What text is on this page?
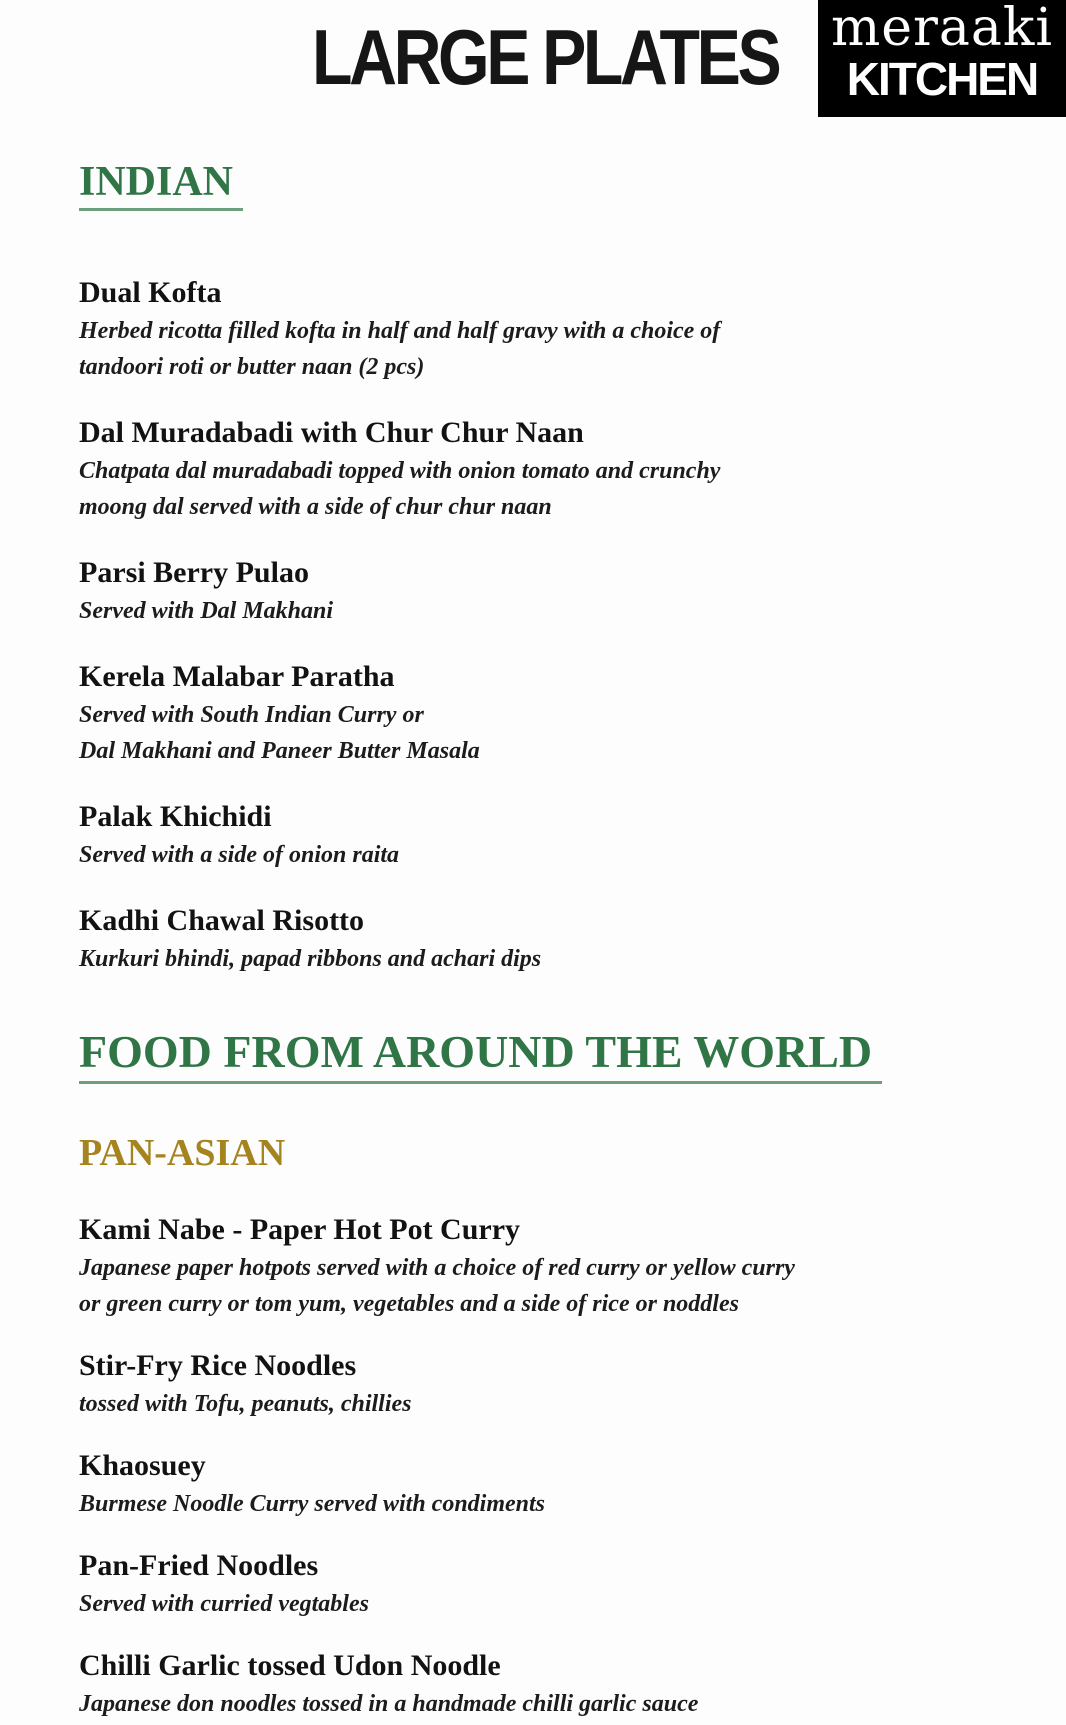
LARGE PLATES meraaki
KITCHEN
INDIAN
Dual Kofta
Herbed ricotta filled kofta in half and half gravy with a choice of
tandoori roti or butter naan (2 pcs)
Dal Muradabadi with Chur Chur Naan
Chatpata dal muradabadi topped with onion tomato and crunchy
moong dal served with a side of chur chur naan
Parsi Berry Pulao
Served with Dal Makhani
Kerela Malabar Paratha
Served with South Indian Curry or
Dal Makhani and Paneer Butter Masala
Palak Khichidi
Served with a side of onion raita
Kadhi Chawal Risotto
Kurkuri bhindi, papad ribbons and achari dips
FOOD FROM AROUND THE WORLD
PAN-ASIAN
Kami Nabe - Paper Hot Pot Curry
Japanese paper hotpots served with a choice of red curry or yellow curry
or green curry or tom yum, vegetables and a side of rice or noddles
Stir-Fry Rice Noodles
tossed with Tofu, peanuts, chillies
Khaosuey
Burmese Noodle Curry served with condiments
Pan-Fried Noodles
Served with curried vegtables
Chilli Garlic tossed Udon Noodle
Japanese don noodles tossed in a handmade chilli garlic sauce
